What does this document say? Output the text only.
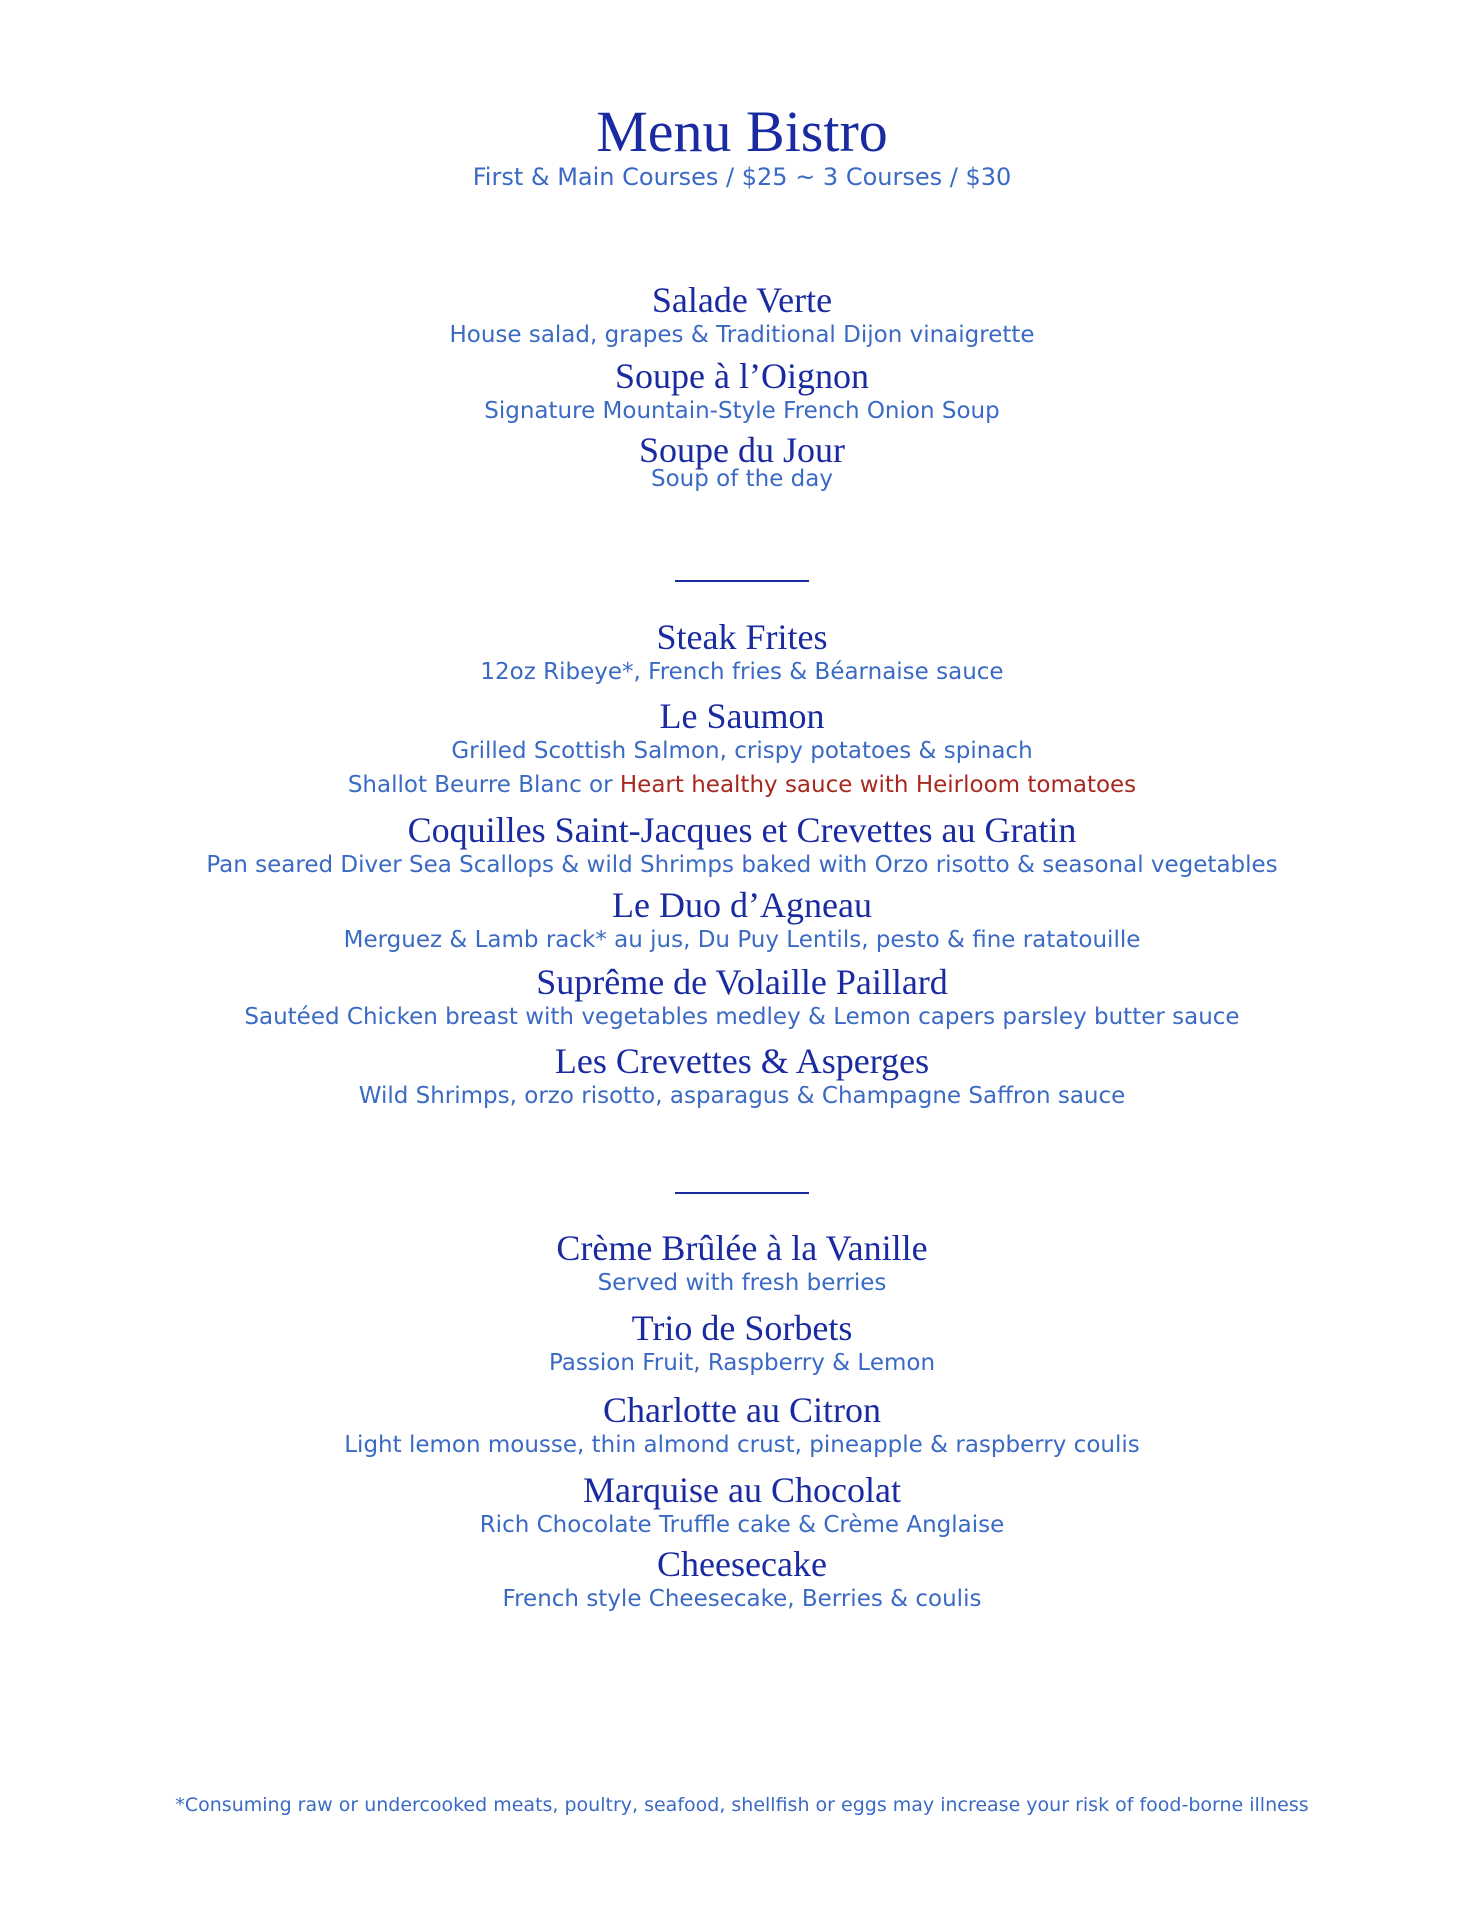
Menu Bistro

First & Main Courses / $25 ~ 3 Courses / $30

Salade Verte
House salad, grapes & Traditional Dijon vinaigrette
Soupe à l’Oignon
Signature Mountain-Style French Onion Soup
Soupe du Jour
Soup of the day
Steak Frites
12oz Ribeye*, French fries & Béarnaise sauce
Le Saumon
Grilled Scottish Salmon, crispy potatoes & spinach
Shallot Beurre Blanc or Heart healthy sauce with Heirloom tomatoes
Coquilles Saint-Jacques et Crevettes au Gratin
Pan seared Diver Sea Scallops & wild Shrimps baked with Orzo risotto & seasonal vegetables
Le Duo d’Agneau
Merguez & Lamb rack* au jus, Du Puy Lentils, pesto & fine ratatouille
Suprême de Volaille Paillard
Sautéed Chicken breast with vegetables medley & Lemon capers parsley butter sauce
Les Crevettes & Asperges
Wild Shrimps, orzo risotto, asparagus & Champagne Saffron sauce
Crème Brûlée à la Vanille
Served with fresh berries
Trio de Sorbets
Passion Fruit, Raspberry & Lemon
Charlotte au Citron
Light lemon mousse, thin almond crust, pineapple & raspberry coulis
Marquise au Chocolat
Rich Chocolate Truffle cake & Crème Anglaise
Cheesecake
French style Cheesecake, Berries & coulis
*Consuming raw or undercooked meats, poultry, seafood, shellfish or eggs may increase your risk of food-borne illness
